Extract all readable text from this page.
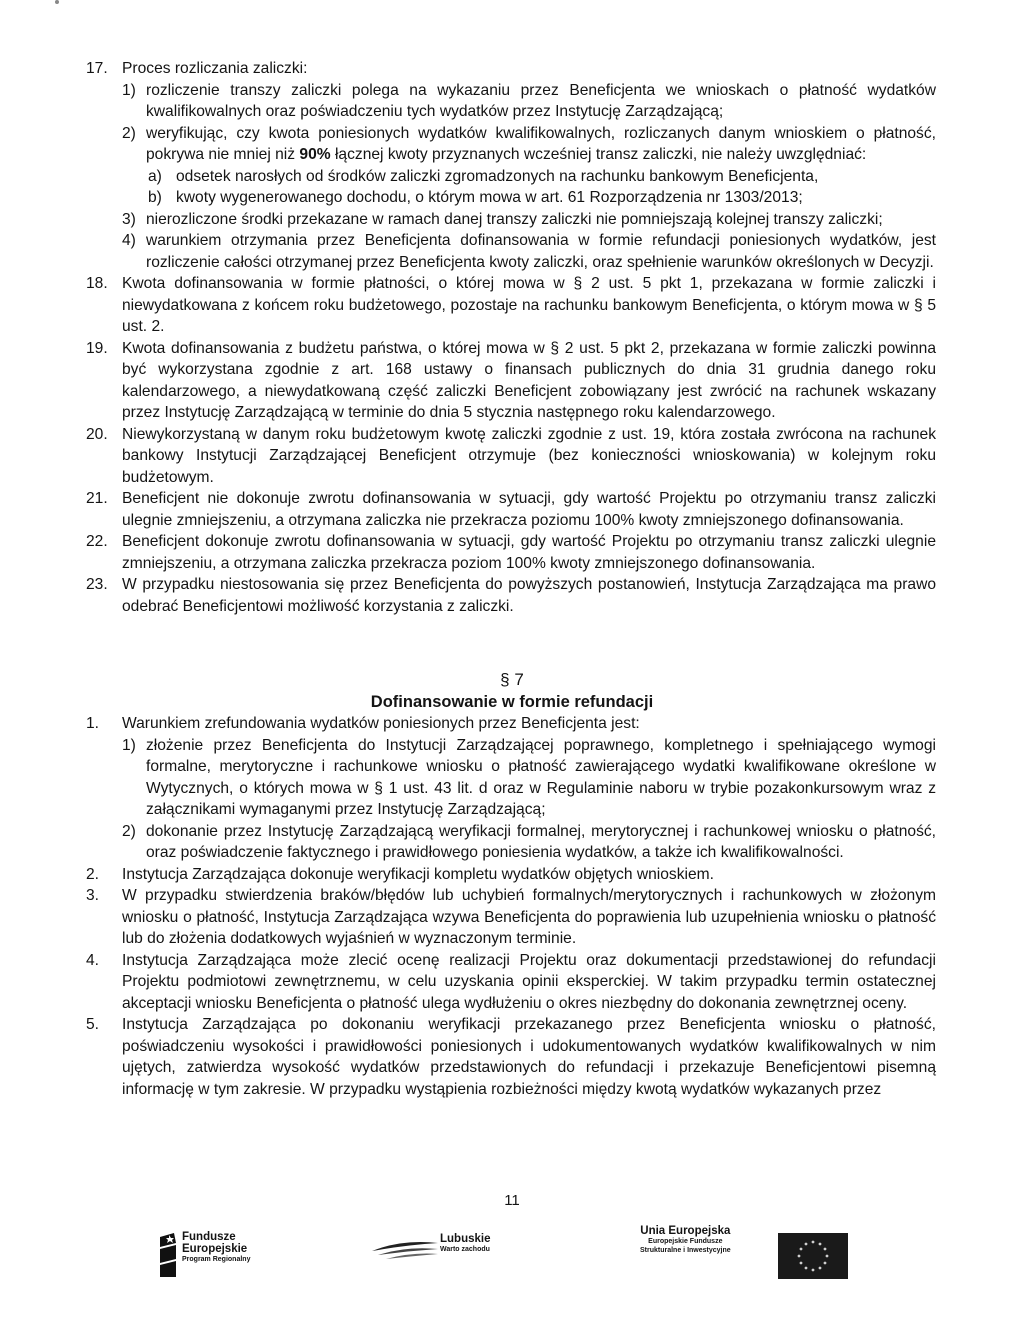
17. Proces rozliczania zaliczki:
1) rozliczenie transzy zaliczki polega na wykazaniu przez Beneficjenta we wnioskach o płatność wydatków kwalifikowalnych oraz poświadczeniu tych wydatków przez Instytucję Zarządzającą;
2) weryfikując, czy kwota poniesionych wydatków kwalifikowalnych, rozliczanych danym wnioskiem o płatność, pokrywa nie mniej niż 90% łącznej kwoty przyznanych wcześniej transz zaliczki, nie należy uwzględniać:
a) odsetek narosłych od środków zaliczki zgromadzonych na rachunku bankowym Beneficjenta,
b) kwoty wygenerowanego dochodu, o którym mowa w art. 61 Rozporządzenia nr 1303/2013;
3) nierozliczone środki przekazane w ramach danej transzy zaliczki nie pomniejszają kolejnej transzy zaliczki;
4) warunkiem otrzymania przez Beneficjenta dofinansowania w formie refundacji poniesionych wydatków, jest rozliczenie całości otrzymanej przez Beneficjenta kwoty zaliczki, oraz spełnienie warunków określonych w Decyzji.
18. Kwota dofinansowania w formie płatności, o której mowa w § 2 ust. 5 pkt 1, przekazana w formie zaliczki i niewydatkowana z końcem roku budżetowego, pozostaje na rachunku bankowym Beneficjenta, o którym mowa w § 5 ust. 2.
19. Kwota dofinansowania z budżetu państwa, o której mowa w § 2 ust. 5 pkt 2, przekazana w formie zaliczki powinna być wykorzystana zgodnie z art. 168 ustawy o finansach publicznych do dnia 31 grudnia danego roku kalendarzowego, a niewydatkowaną część zaliczki Beneficjent zobowiązany jest zwrócić na rachunek wskazany przez Instytucję Zarządzającą w terminie do dnia 5 stycznia następnego roku kalendarzowego.
20. Niewykorzystaną w danym roku budżetowym kwotę zaliczki zgodnie z ust. 19, która została zwrócona na rachunek bankowy Instytucji Zarządzającej Beneficjent otrzymuje (bez konieczności wnioskowania) w kolejnym roku budżetowym.
21. Beneficjent nie dokonuje zwrotu dofinansowania w sytuacji, gdy wartość Projektu po otrzymaniu transz zaliczki ulegnie zmniejszeniu, a otrzymana zaliczka nie przekracza poziomu 100% kwoty zmniejszonego dofinansowania.
22. Beneficjent dokonuje zwrotu dofinansowania w sytuacji, gdy wartość Projektu po otrzymaniu transz zaliczki ulegnie zmniejszeniu, a otrzymana zaliczka przekracza poziom 100% kwoty zmniejszonego dofinansowania.
23. W przypadku niestosowania się przez Beneficjenta do powyższych postanowień, Instytucja Zarządzająca ma prawo odebrać Beneficjentowi możliwość korzystania z zaliczki.
§ 7
Dofinansowanie w formie refundacji
1. Warunkiem zrefundowania wydatków poniesionych przez Beneficjenta jest:
1) złożenie przez Beneficjenta do Instytucji Zarządzającej poprawnego, kompletnego i spełniającego wymogi formalne, merytoryczne i rachunkowe wniosku o płatność zawierającego wydatki kwalifikowane określone w Wytycznych, o których mowa w § 1 ust. 43 lit. d oraz w Regulaminie naboru w trybie pozakonkursowym wraz z załącznikami wymaganymi przez Instytucję Zarządzającą;
2) dokonanie przez Instytucję Zarządzającą weryfikacji formalnej, merytorycznej i rachunkowej wniosku o płatność, oraz poświadczenie faktycznego i prawidłowego poniesienia wydatków, a także ich kwalifikowalności.
2. Instytucja Zarządzająca dokonuje weryfikacji kompletu wydatków objętych wnioskiem.
3. W przypadku stwierdzenia braków/błędów lub uchybień formalnych/merytorycznych i rachunkowych w złożonym wniosku o płatność, Instytucja Zarządzająca wzywa Beneficjenta do poprawienia lub uzupełnienia wniosku o płatność lub do złożenia dodatkowych wyjaśnień w wyznaczonym terminie.
4. Instytucja Zarządzająca może zlecić ocenę realizacji Projektu oraz dokumentacji przedstawionej do refundacji Projektu podmiotowi zewnętrznemu, w celu uzyskania opinii eksperckiej. W takim przypadku termin ostatecznej akceptacji wniosku Beneficjenta o płatność ulega wydłużeniu o okres niezbędny do dokonania zewnętrznej oceny.
5. Instytucja Zarządzająca po dokonaniu weryfikacji przekazanego przez Beneficjenta wniosku o płatność, poświadczeniu wysokości i prawidłowości poniesionych i udokumentowanych wydatków kwalifikowalnych w nim ujętych, zatwierdza wysokość wydatków przedstawionych do refundacji i przekazuje Beneficjentowi pisemną informację w tym zakresie. W przypadku wystąpienia rozbieżności między kwotą wydatków wykazanych przez
11
Fundusze
Europejskie
Program Regionalny
Lubuskie
Warto zachodu
Unia Europejska
Europejskie Fundusze
Strukturalne i Inwestycyjne
